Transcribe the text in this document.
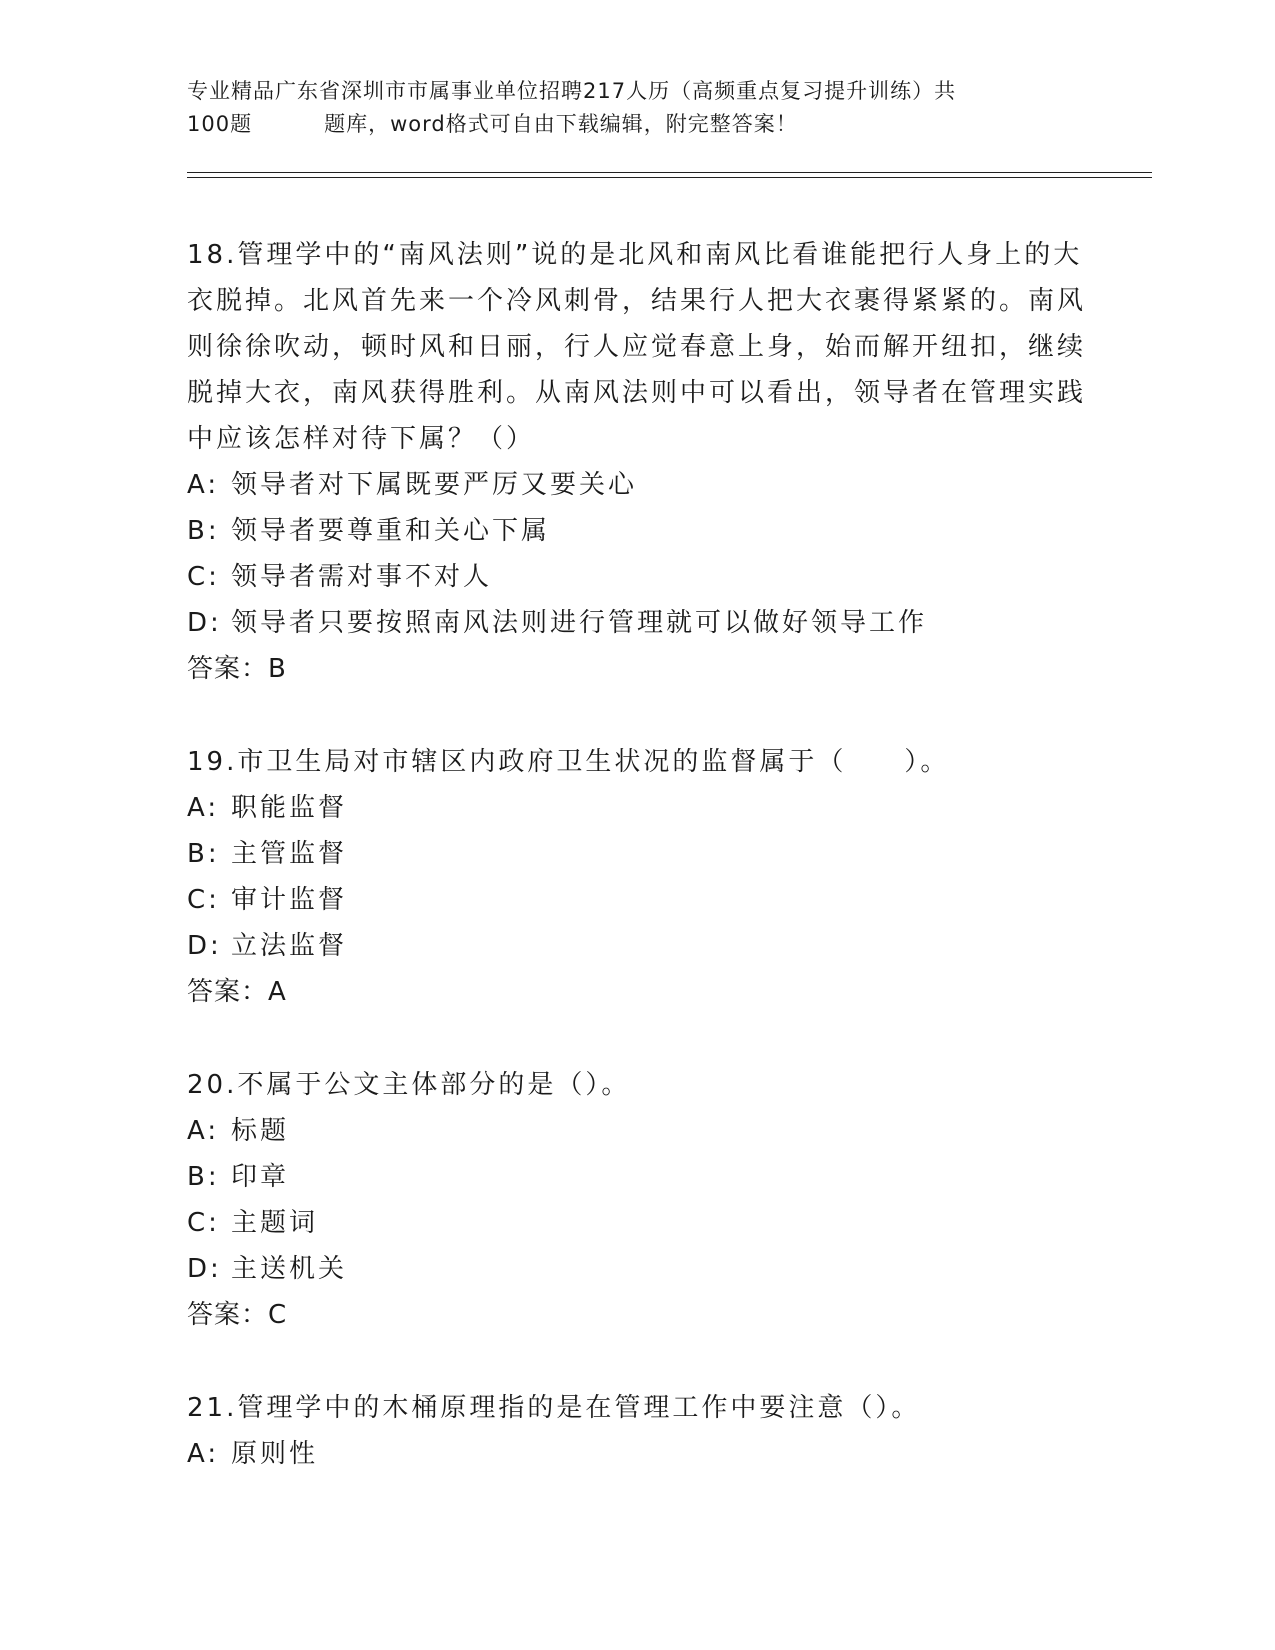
专业精品广东省深圳市市属事业单位招聘217人历（高频重点复习提升训练）共
100题	题库，word格式可自由下载编辑，附完整答案！

18.管理学中的“南风法则”说的是北风和南风比看谁能把行人身上的大衣脱掉。北风首先来一个冷风刺骨，结果行人把大衣裹得紧紧的。南风则徐徐吹动，顿时风和日丽，行人应觉春意上身，始而解开纽扣，继续脱掉大衣，南风获得胜利。从南风法则中可以看出，领导者在管理实践中应该怎样对待下属？（）

A: 领导者对下属既要严厉又要关心

B: 领导者要尊重和关心下属

C: 领导者需对事不对人

D: 领导者只要按照南风法则进行管理就可以做好领导工作

答案：B

19.市卫生局对市辖区内政府卫生状况的监督属于（　　）。

A: 职能监督

B: 主管监督

C: 审计监督

D: 立法监督

答案：A

20.不属于公文主体部分的是（）。

A: 标题

B: 印章

C: 主题词

D: 主送机关

答案：C

21.管理学中的木桶原理指的是在管理工作中要注意（）。

A: 原则性
